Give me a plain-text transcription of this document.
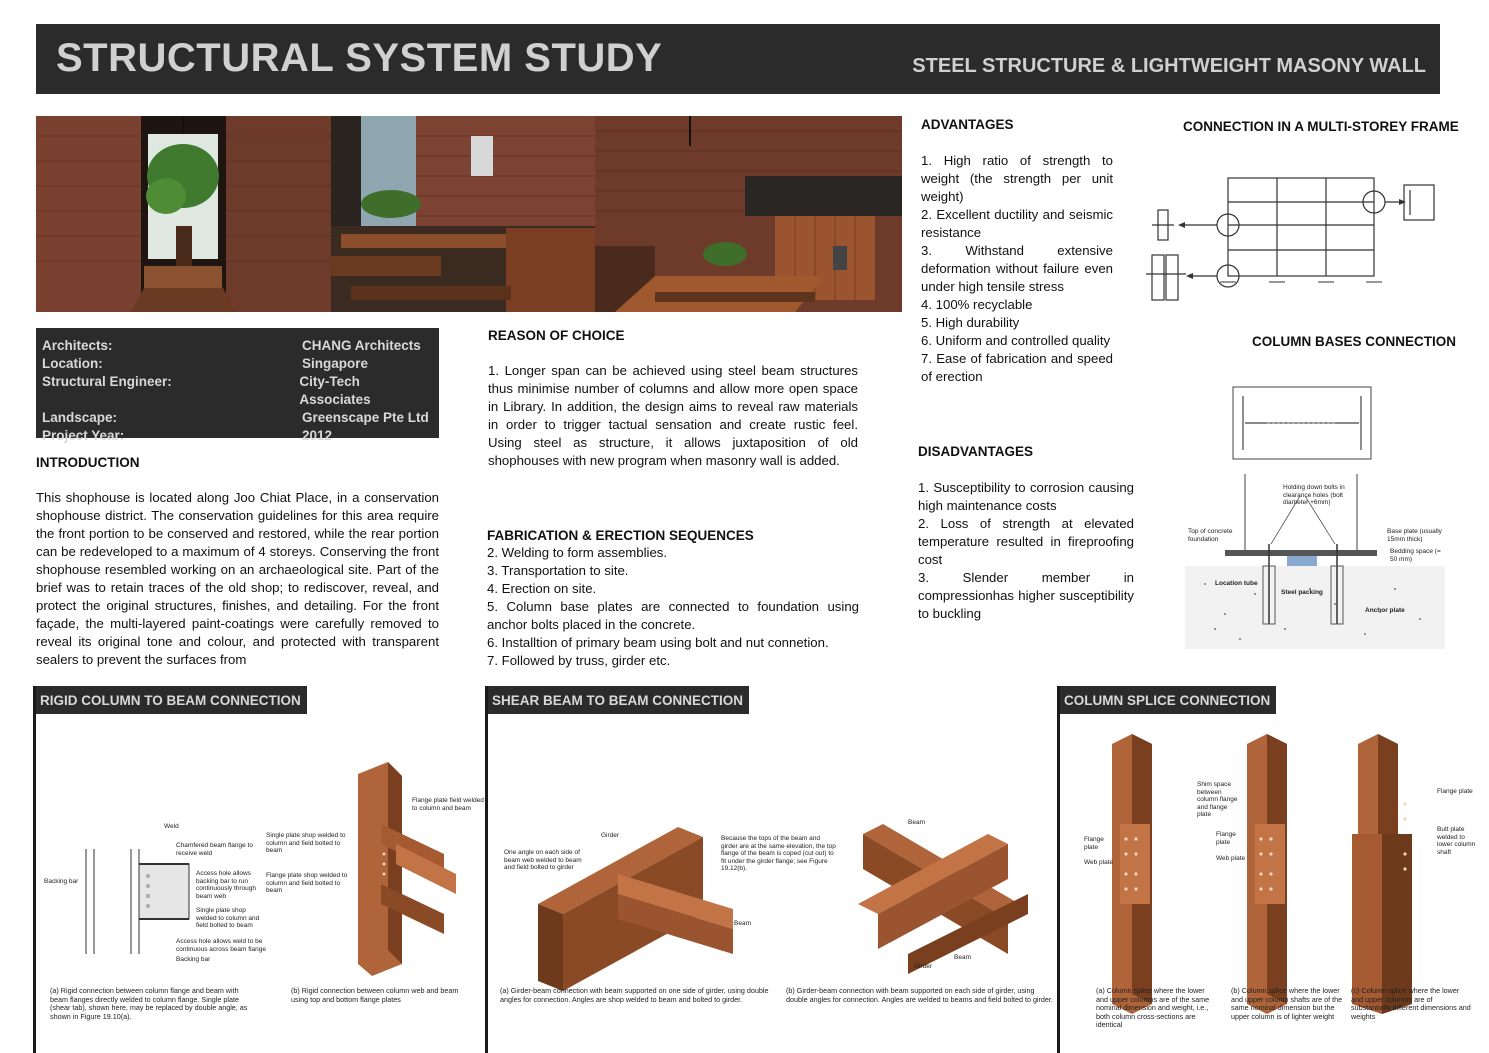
STRUCTURAL SYSTEM STUDY	STEEL STRUCTURE & LIGHTWEIGHT MASONY WALL
Architects:	CHANG Architects
Location:	Singapore
Structural Engineer:	City-Tech Associates
Landscape:	Greenscape Pte Ltd
Project Year:	2012
INTRODUCTION
This shophouse is located along Joo Chiat Place, in a conservation shophouse district. The conservation guidelines for this area require the front portion to be conserved and restored, while the rear portion can be redeveloped to a maximum of 4 storeys. Conserving the front shophouse resembled working on an archaeological site. Part of the brief was to retain traces of the old shop; to rediscover, reveal, and protect the original structures, finishes, and detailing. For the front façade, the multi-layered paint-coatings were carefully removed to reveal its original tone and colour, and protected with transparent sealers to prevent the surfaces from
REASON OF CHOICE
1. Longer span can be achieved using steel beam structures thus minimise number of columns and allow more open space in Library. In addition, the design aims to reveal raw materials in order to trigger tactual sensation and create rustic feel. Using steel as structure, it allows juxtaposition of old shophouses with new program when masonry wall is added.
FABRICATION & ERECTION SEQUENCES
2. Welding to form assemblies.
3. Transportation to site.
4. Erection on site.
5. Column base plates are connected to foundation using anchor bolts placed in the concrete.
6. Installtion of primary beam using bolt and nut connetion.
7. Followed by truss, girder etc.
ADVANTAGES
1. High ratio of strength to weight (the strength per unit weight)
2. Excellent ductility and seismic resistance
3. Withstand extensive deformation without failure even under high tensile stress
4. 100% recyclable
5. High durability
6. Uniform and controlled quality
7. Ease of fabrication and speed of erection
DISADVANTAGES
1. Susceptibility to corrosion causing high maintenance costs
2. Loss of strength at elevated temperature resulted in fireproofing cost
3. Slender member in compressionhas higher susceptibility to buckling
CONNECTION IN A MULTI-STOREY FRAME
COLUMN BASES CONNECTION
Holding down bolts in clearance holes (bolt diameter +6mm)
Top of concrete foundation
Base plate (usually 15mm thick)
Bedding space (= 50 mm)
Location tube
Steel packing
Anchor plate
RIGID COLUMN TO BEAM CONNECTION
Weld
Chamfered beam flange to receive weld
Backing bar
Access hole allows backing bar to run continuously through beam web
Single plate shop welded to column and field bolted to beam
Access hole allows weld to be continuous across beam flange
Backing bar
Single plate shop welded to column and field bolted to beam
Flange plate field welded to column and beam
Flange plate shop welded to column and field bolted to beam
(a) Rigid connection between column flange and beam with beam flanges directly welded to column flange. Single plate (shear tab), shown here, may be replaced by double angle, as shown in Figure 19.10(a).
(b) Rigid connection between column web and beam using top and bottom flange plates
SHEAR BEAM TO BEAM CONNECTION
Girder
One angle on each side of beam web welded to beam and field bolted to girder
Beam
Because the tops of the beam and girder are at the same elevation, the top flange of the beam is coped (cut out) to fit under the girder flange; see Figure 19.12(b).
Beam
Beam
Girder
(a) Girder-beam connection with beam supported on one side of girder, using double angles for connection. Angles are shop welded to beam and bolted to girder.
(b) Girder-beam connection with beam supported on each side of girder, using double angles for connection. Angles are welded to beams and field bolted to girder.
COLUMN SPLICE CONNECTION
Flange plate
Web plate
Shim space between column flange and flange plate
Flange plate
Web plate
Flange plate
Butt plate welded to lower column shaft
(a) Column splice where the lower and upper columns are of the same nominal dimension and weight, i.e., both column cross-sections are identical
(b) Column splice where the lower and upper column shafts are of the same nominal dimension but the upper column is of lighter weight
(c) Column splice where the lower and upper columns are of substantially different dimensions and weights
